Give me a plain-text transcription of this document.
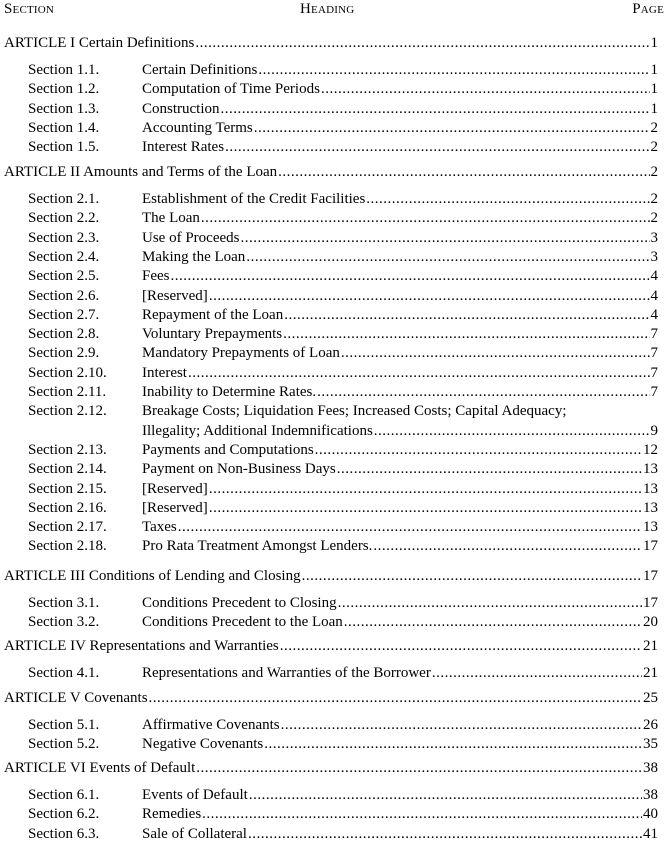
Section	Heading	Page
ARTICLE I Certain Definitions .....	1
Section 1.1.	Certain Definitions .....	1
Section 1.2.	Computation of Time Periods .....	1
Section 1.3.	Construction .....	1
Section 1.4.	Accounting Terms .....	2
Section 1.5.	Interest Rates .....	2
ARTICLE II Amounts and Terms of the Loan .....	2
Section 2.1.	Establishment of the Credit Facilities .....	2
Section 2.2.	The Loan .....	2
Section 2.3.	Use of Proceeds .....	3
Section 2.4.	Making the Loan .....	3
Section 2.5.	Fees .....	4
Section 2.6.	[Reserved] .....	4
Section 2.7.	Repayment of the Loan .....	4
Section 2.8.	Voluntary Prepayments .....	7
Section 2.9.	Mandatory Prepayments of Loan .....	7
Section 2.10. Interest .....	7
Section 2.11. Inability to Determine Rates. .....	7
Section 2.12. Breakage Costs; Liquidation Fees; Increased Costs; Capital Adequacy;
Illegality; Additional Indemnifications .....	9
Section 2.13. Payments and Computations .....	12
Section 2.14. Payment on Non-Business Days .....	13
Section 2.15. [Reserved] .....	13
Section 2.16. [Reserved] .....	13
Section 2.17. Taxes .....	13
Section 2.18. Pro Rata Treatment Amongst Lenders. .....	17
ARTICLE III Conditions of Lending and Closing .....	17
Section 3.1.	Conditions Precedent to Closing .....	17
Section 3.2.	Conditions Precedent to the Loan .....	20
ARTICLE IV Representations and Warranties .....	21
Section 4.1.	Representations and Warranties of the Borrower .....	21
ARTICLE V Covenants .....	25
Section 5.1.	Affirmative Covenants .....	26
Section 5.2.	Negative Covenants .....	35
ARTICLE VI Events of Default .....	38
Section 6.1.	Events of Default .....	38
Section 6.2.	Remedies .....	40
Section 6.3.	Sale of Collateral .....	41
